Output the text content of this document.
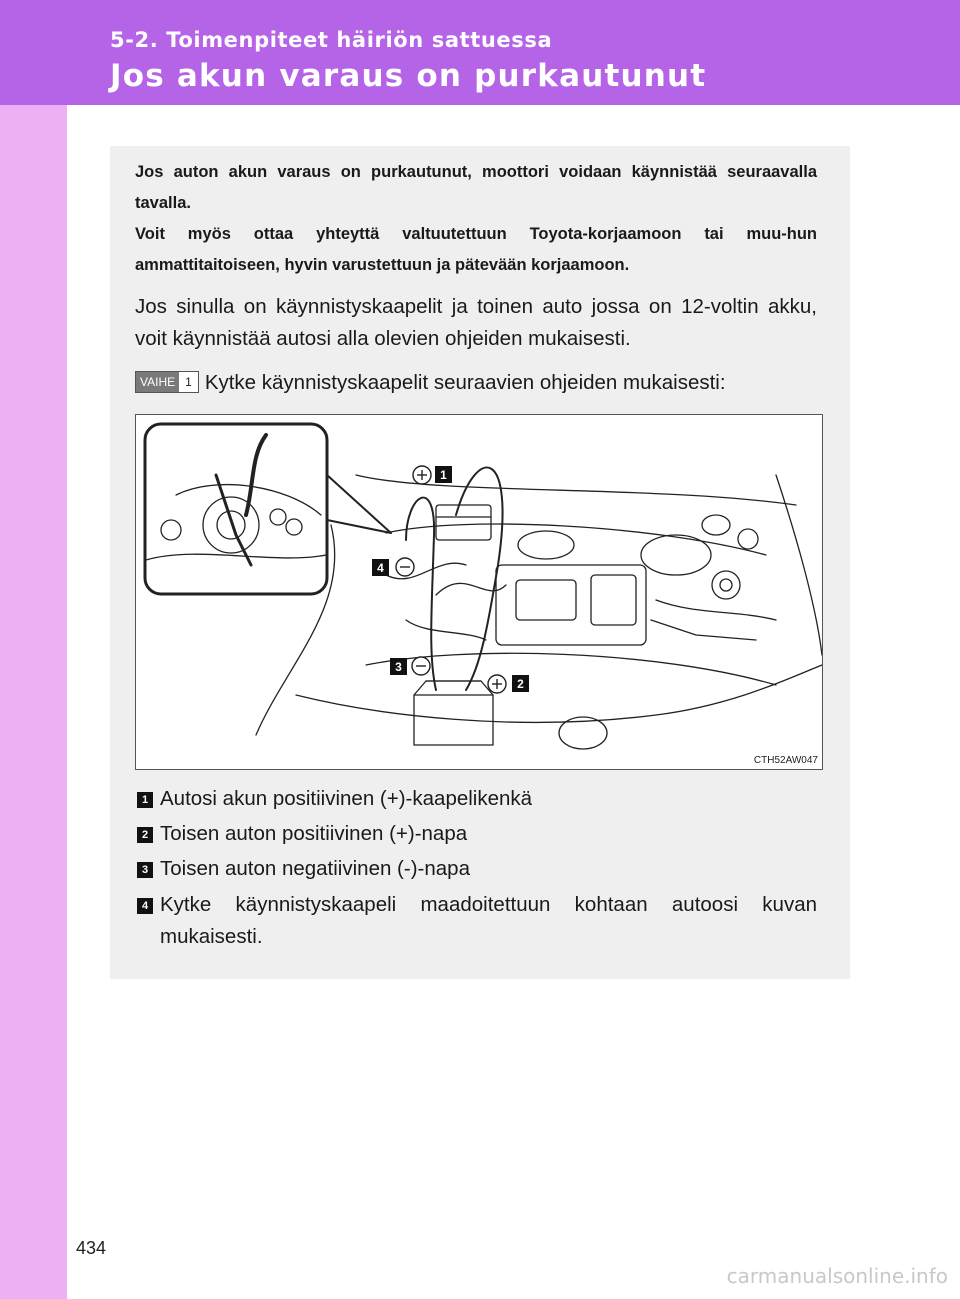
5-2. Toimenpiteet häiriön sattuessa
Jos akun varaus on purkautunut

Jos auton akun varaus on purkautunut, moottori voidaan käynnistää seuraavalla tavalla.

Voit myös ottaa yhteyttä valtuutettuun Toyota-korjaamoon tai muu-hun ammattitaitoiseen, hyvin varustettuun ja pätevään korjaamoon.

Jos sinulla on käynnistyskaapelit ja toinen auto jossa on 12-voltin akku, voit käynnistää autosi alla olevien ohjeiden mukaisesti.

VAIHE 1 Kytke käynnistyskaapelit seuraavien ohjeiden mukaisesti:
1
4
3
2
CTH52AW047
1 Autosi akun positiivinen (+)-kaapelikenkä
2 Toisen auton positiivinen (+)-napa
3 Toisen auton negatiivinen (-)-napa
4 Kytke käynnistyskaapeli maadoitettuun kohtaan autoosi kuvan mukaisesti.
434
carmanualsonline.info
